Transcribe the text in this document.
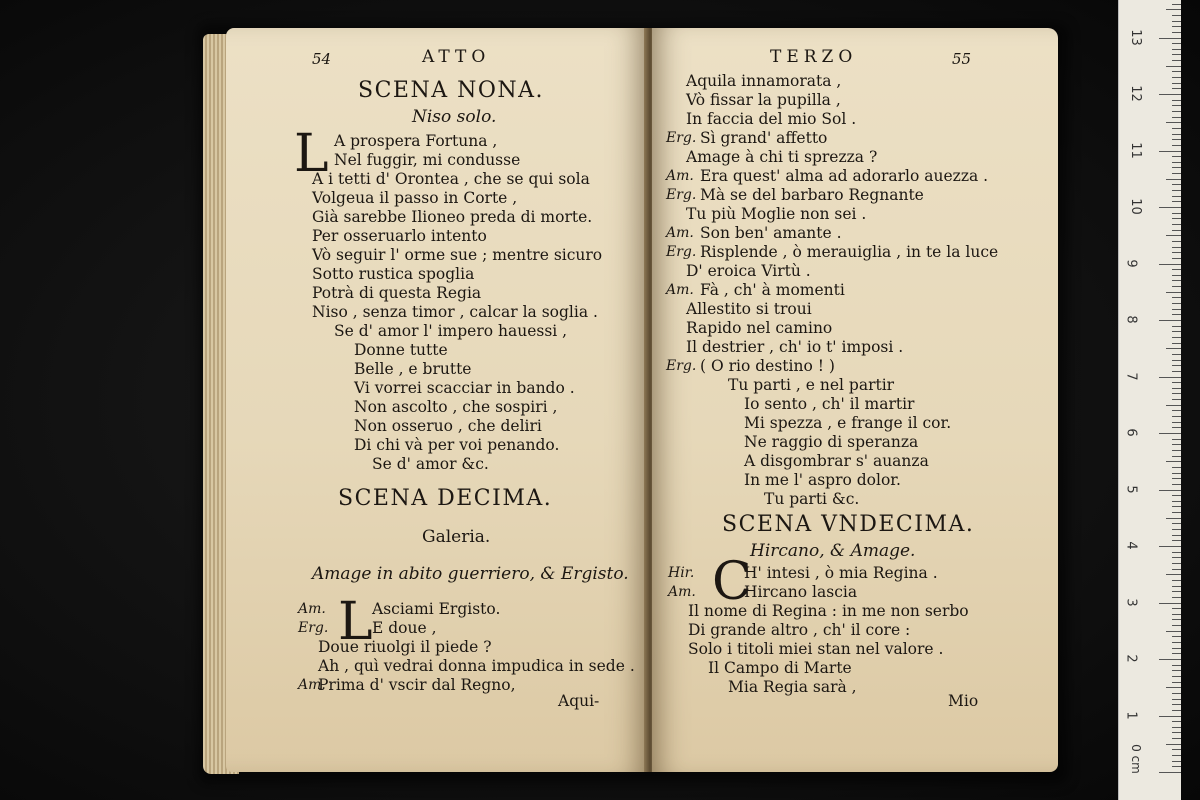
54	ATTO
SCENA NONA.
Niso solo.
L A prospera Fortuna ,
Nel fuggir, mi condusse
A i tetti d' Orontea , che se qui sola
Volgeua il passo in Corte ,
Già sarebbe Ilioneo preda di morte.
Per osseruarlo intento
Vò seguir l' orme sue ; mentre sicuro
Sotto rustica spoglia
Potrà di questa Regia
Niso , senza timor , calcar la soglia .
Se d' amor l' impero hauessi ,
Donne tutte
Belle , e brutte
Vi vorrei scacciar in bando .
Non ascolto , che sospiri ,
Non osseruo , che deliri
Di chi và per voi penando.
Se d' amor &c.
SCENA DECIMA.
Galeria.
Amage in abito guerriero, & Ergisto.
L
Am.	Asciami Ergisto.
Erg.	E doue ,
Doue riuolgi il piede ?
Ah , quì vedrai donna impudica in sede .
Am.
Prima d' vscir dal Regno,
Aqui-
TERZO	55
Aquila innamorata ,
Vò fissar la pupilla ,
In faccia del mio Sol .
Erg. Sì grand' affetto
Amage à chi ti sprezza ?
Am. Era quest' alma ad adorarlo auezza .
Erg. Mà se del barbaro Regnante
Tu più Moglie non sei .
Am. Son ben' amante .
Erg. Risplende , ò merauiglia , in te la luce
D' eroica Virtù .
Am. Fà , ch' à momenti
Allestito si troui
Rapido nel camino
Il destrier , ch' io t' imposi .
Erg. ( O rio destino ! )
Tu parti , e nel partir
Io sento , ch' il martir
Mi spezza , e frange il cor.
Ne raggio di speranza
A disgombrar s' auanza
In me l' aspro dolor.
Tu parti &c.
SCENA VNDECIMA.
Hircano, & Amage.
C
Hir.	H' intesi , ò mia Regina .
Am.	Hircano lascia
Il nome di Regina : in me non serbo
Di grande altro , ch' il core :
Solo i titoli miei stan nel valore .
Il Campo di Marte
Mia Regia sarà ,
Mio
1
2
3
4
5
6
7
8
9
10
11
12
13
0 cm
